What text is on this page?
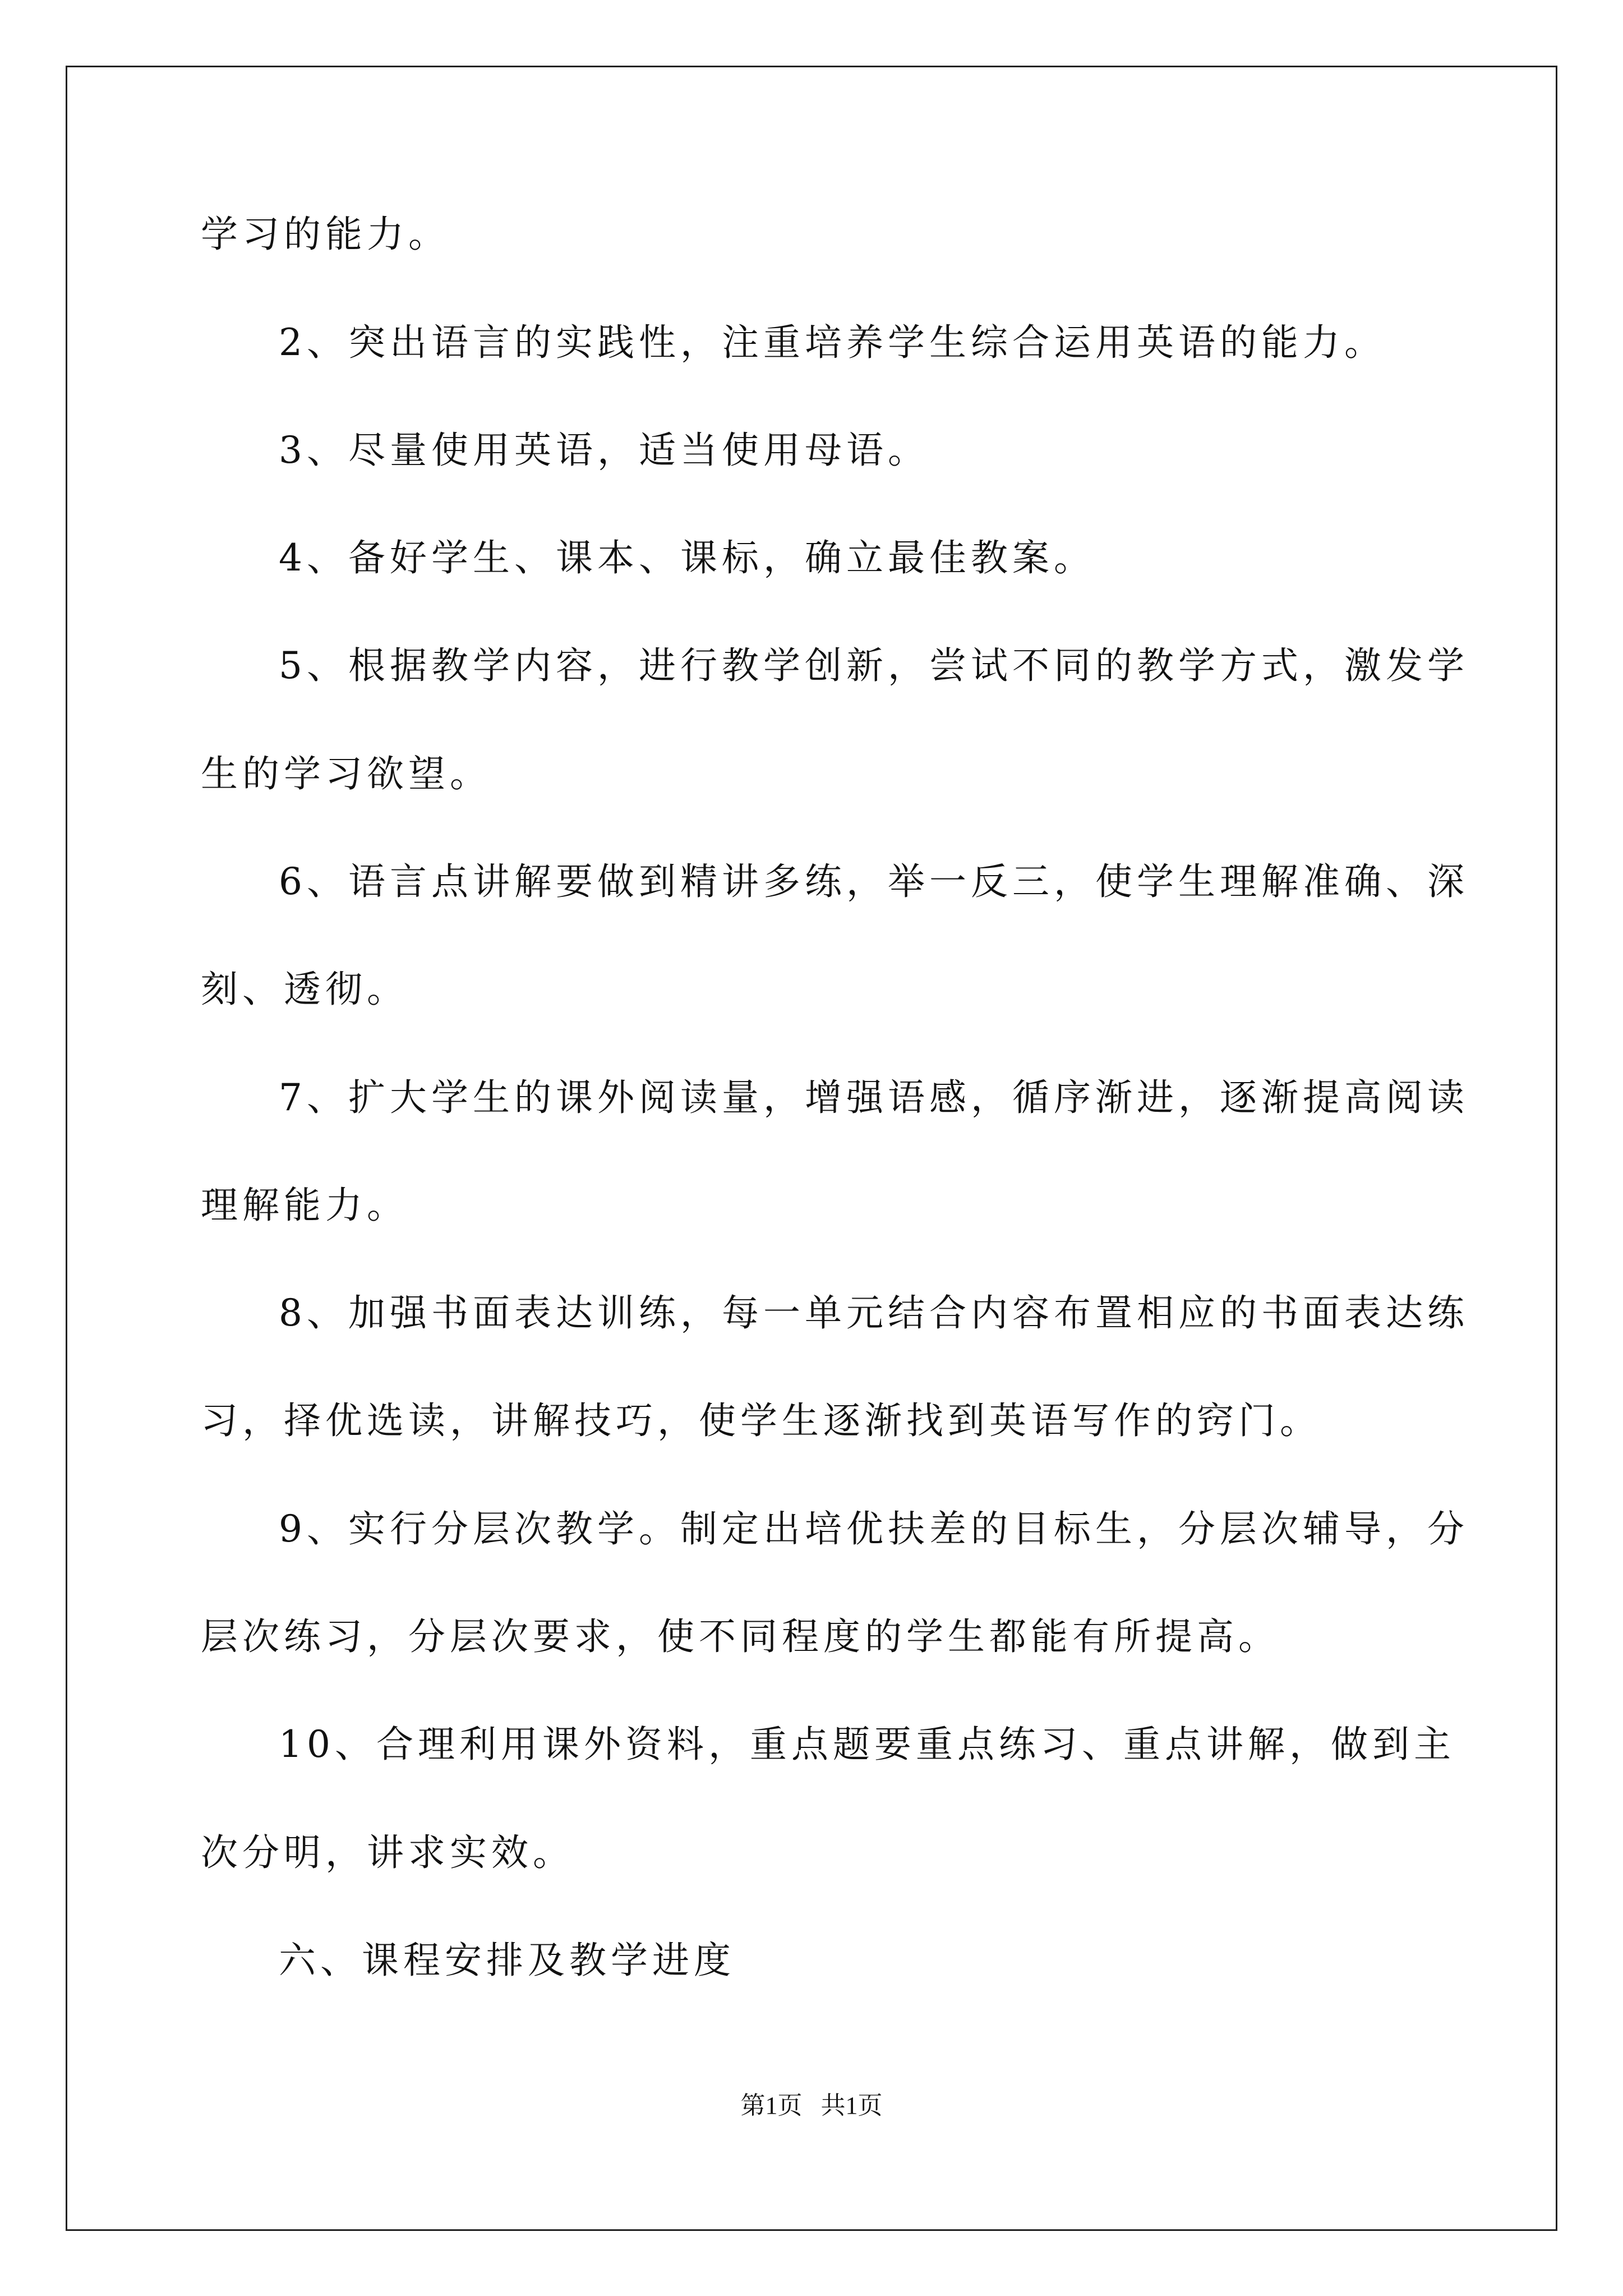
学习的能力。
2、突出语言的实践性，注重培养学生综合运用英语的能力。
3、尽量使用英语，适当使用母语。
4、备好学生、课本、课标，确立最佳教案。
5、根据教学内容，进行教学创新，尝试不同的教学方式，激发学
生的学习欲望。
6、语言点讲解要做到精讲多练，举一反三，使学生理解准确、深
刻、透彻。
7、扩大学生的课外阅读量，增强语感，循序渐进，逐渐提高阅读
理解能力。
8、加强书面表达训练，每一单元结合内容布置相应的书面表达练
习，择优选读，讲解技巧，使学生逐渐找到英语写作的窍门。
9、实行分层次教学。制定出培优扶差的目标生，分层次辅导，分
层次练习，分层次要求，使不同程度的学生都能有所提高。
10、合理利用课外资料，重点题要重点练习、重点讲解，做到主
次分明，讲求实效。
六、课程安排及教学进度
第1页   共1页
